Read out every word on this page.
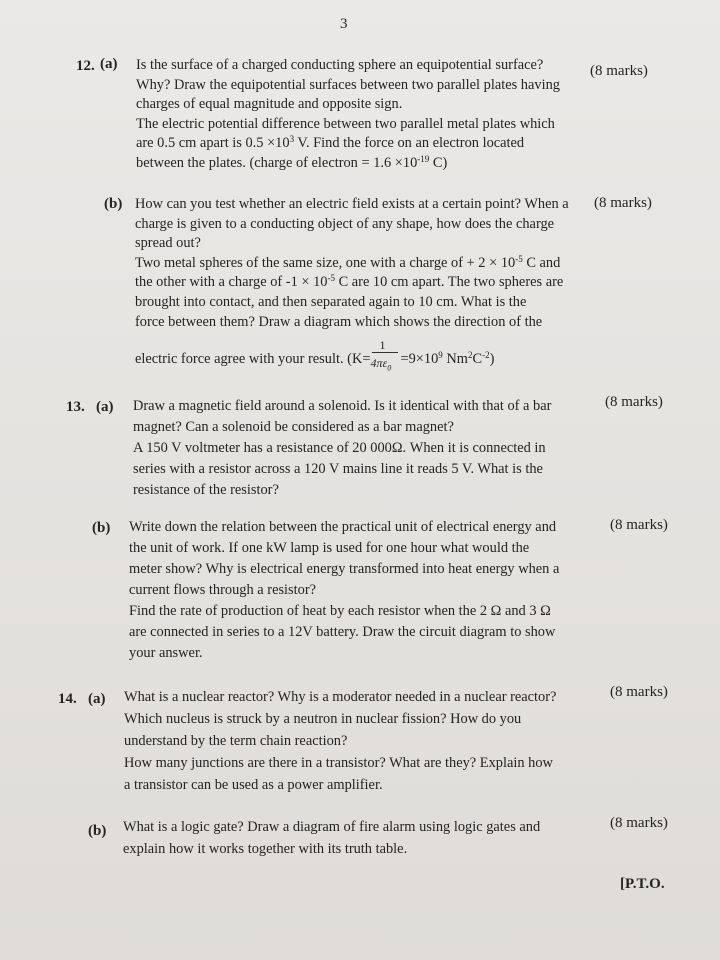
3
12. (a)	(8 marks)
Is the surface of a charged conducting sphere an equipotential surface?
Why? Draw the equipotential surfaces between two parallel plates having
charges of equal magnitude and opposite sign.
The electric potential difference between two parallel metal plates which
are 0.5 cm apart is $0.5 \times 10^3$ V. Find the force on an electron located
between the plates. (charge of electron = $1.6 \times 10^{-19}$ C)
(b)	(8 marks)
How can you test whether an electric field exists at a certain point? When a
charge is given to a conducting object of any shape, how does the charge
spread out?
Two metal spheres of the same size, one with a charge of + $2 \times 10^{-5}$ C and
the other with a charge of $-1 \times 10^{-5}$ C are 10 cm apart. The two spheres are
brought into contact, and then separated again to 10 cm. What is the
force between them? Draw a diagram which shows the direction of the
electric force agree with your result. ($K= \frac{1}{4\pi\varepsilon_0} =9\times 10^9$ $Nm^2C^{-2}$)
13. (a)	(8 marks)
Draw a magnetic field around a solenoid. Is it identical with that of a bar
magnet? Can a solenoid be considered as a bar magnet?
A 150 V voltmeter has a resistance of 20 000Ω. When it is connected in
series with a resistor across a 120 V mains line it reads 5 V. What is the
resistance of the resistor?
(b)	(8 marks)
Write down the relation between the practical unit of electrical energy and
the unit of work. If one kW lamp is used for one hour what would the
meter show? Why is electrical energy transformed into heat energy when a
current flows through a resistor?
Find the rate of production of heat by each resistor when the 2 Ω and 3 Ω
are connected in series to a 12V battery. Draw the circuit diagram to show
your answer.
14. (a)	(8 marks)
What is a nuclear reactor? Why is a moderator needed in a nuclear reactor?
Which nucleus is struck by a neutron in nuclear fission? How do you
understand by the term chain reaction?
How many junctions are there in a transistor? What are they? Explain how
a transistor can be used as a power amplifier.
(b)	(8 marks)
What is a logic gate? Draw a diagram of fire alarm using logic gates and
explain how it works together with its truth table.
[P.T.O.
